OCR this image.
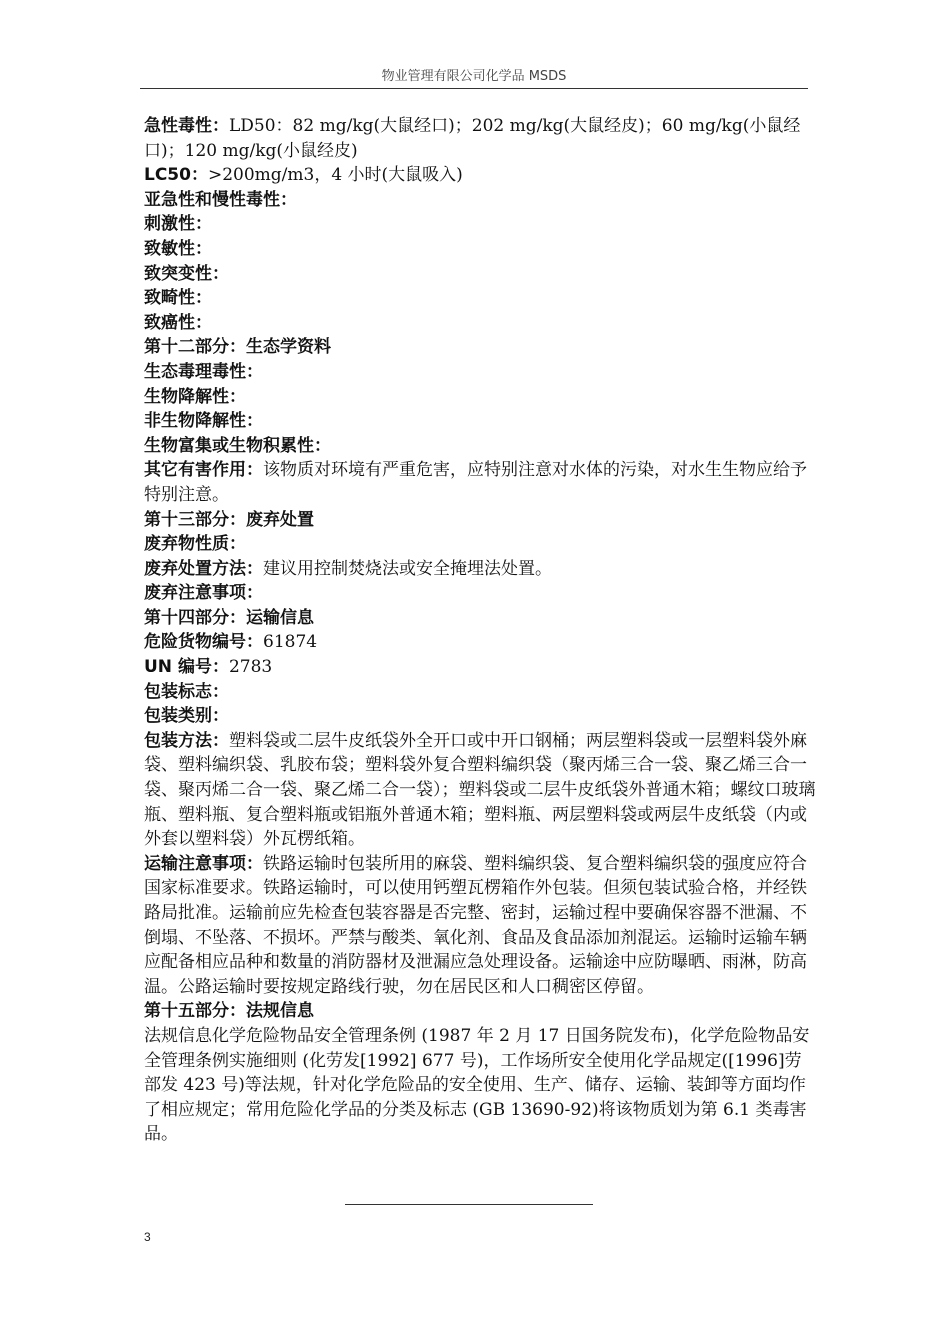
物业管理有限公司化学品 MSDS

急性毒性：LD50：82 mg/kg(大鼠经口)；202 mg/kg(大鼠经皮)；60 mg/kg(小鼠经口)；120 mg/kg(小鼠经皮)

LC50：>200mg/m3，4 小时(大鼠吸入)
亚急性和慢性毒性：
刺激性：
致敏性：
致突变性：
致畸性：
致癌性：
第十二部分：生态学资料
生态毒理毒性：
生物降解性：
非生物降解性：
生物富集或生物积累性：

其它有害作用：该物质对环境有严重危害，应特别注意对水体的污染，对水生生物应给予特别注意。

第十三部分：废弃处置
废弃物性质：
废弃处置方法：建议用控制焚烧法或安全掩埋法处置。
废弃注意事项：
第十四部分：运输信息
危险货物编号：61874
UN 编号：2783
包装标志：
包装类别：

包装方法：塑料袋或二层牛皮纸袋外全开口或中开口钢桶；两层塑料袋或一层塑料袋外麻袋、塑料编织袋、乳胶布袋；塑料袋外复合塑料编织袋（聚丙烯三合一袋、聚乙烯三合一袋、聚丙烯二合一袋、聚乙烯二合一袋）；塑料袋或二层牛皮纸袋外普通木箱；螺纹口玻璃瓶、塑料瓶、复合塑料瓶或铝瓶外普通木箱；塑料瓶、两层塑料袋或两层牛皮纸袋（内或外套以塑料袋）外瓦楞纸箱。

运输注意事项：铁路运输时包装所用的麻袋、塑料编织袋、复合塑料编织袋的强度应符合国家标准要求。铁路运输时，可以使用钙塑瓦楞箱作外包装。但须包装试验合格，并经铁路局批准。运输前应先检查包装容器是否完整、密封，运输过程中要确保容器不泄漏、不倒塌、不坠落、不损坏。严禁与酸类、氧化剂、食品及食品添加剂混运。运输时运输车辆应配备相应品种和数量的消防器材及泄漏应急处理设备。运输途中应防曝晒、雨淋，防高温。公路运输时要按规定路线行驶，勿在居民区和人口稠密区停留。

第十五部分：法规信息

法规信息化学危险物品安全管理条例 (1987 年 2 月 17 日国务院发布)，化学危险物品安全管理条例实施细则 (化劳发[1992] 677 号)，工作场所安全使用化学品规定([1996]劳部发 423 号)等法规，针对化学危险品的安全使用、生产、储存、运输、装卸等方面均作了相应规定；常用危险化学品的分类及标志 (GB 13690-92)将该物质划为第 6.1 类毒害品。

3
